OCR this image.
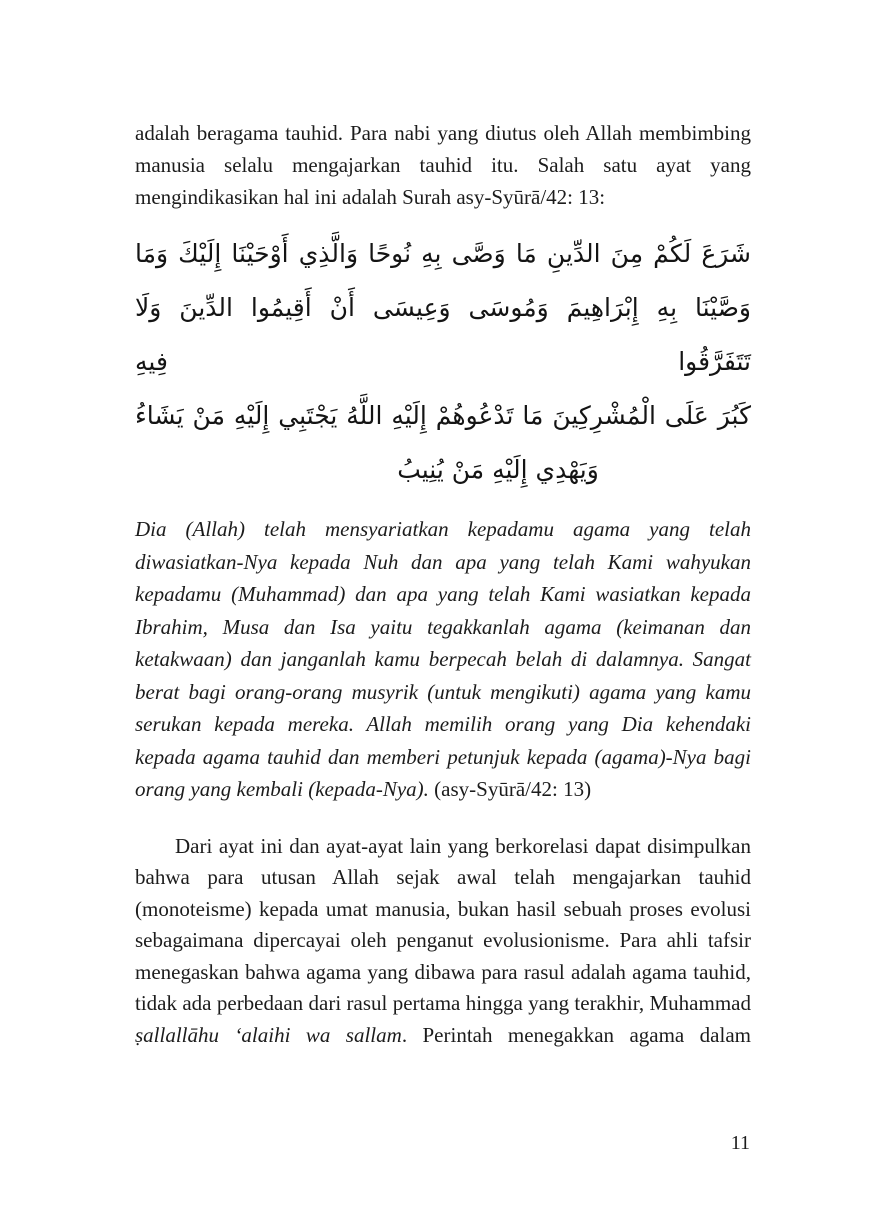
adalah beragama tauhid. Para nabi yang diutus oleh Allah membimbing manusia selalu mengajarkan tauhid itu. Salah satu ayat yang mengindikasikan hal ini adalah Surah asy-Syūrā/42: 13:

شَرَعَ لَكُمْ مِنَ الدِّينِ مَا وَصَّى بِهِ نُوحًا وَالَّذِي أَوْحَيْنَا إِلَيْكَ وَمَا
وَصَّيْنَا بِهِ إِبْرَاهِيمَ وَمُوسَى وَعِيسَى أَنْ أَقِيمُوا الدِّينَ وَلَا تَتَفَرَّقُوا فِيهِ
كَبُرَ عَلَى الْمُشْرِكِينَ مَا تَدْعُوهُمْ إِلَيْهِ اللَّهُ يَجْتَبِي إِلَيْهِ مَنْ يَشَاءُ
وَيَهْدِي إِلَيْهِ مَنْ يُنِيبُ

Dia (Allah) telah mensyariatkan kepadamu agama yang telah diwasiatkan-Nya kepada Nuh dan apa yang telah Kami wahyukan kepadamu (Muhammad) dan apa yang telah Kami wasiatkan kepada Ibrahim, Musa dan Isa yaitu tegakkanlah agama (keimanan dan ketakwaan) dan janganlah kamu berpecah belah di dalamnya. Sangat berat bagi orang-orang musyrik (untuk mengikuti) agama yang kamu serukan kepada mereka. Allah memilih orang yang Dia kehendaki kepada agama tauhid dan memberi petunjuk kepada (agama)-Nya bagi orang yang kembali (kepada-Nya). (asy-Syūrā/42: 13)

Dari ayat ini dan ayat-ayat lain yang berkorelasi dapat disimpulkan bahwa para utusan Allah sejak awal telah mengajarkan tauhid (monoteisme) kepada umat manusia, bukan hasil sebuah proses evolusi sebagaimana dipercayai oleh penganut evolusionisme. Para ahli tafsir menegaskan bahwa agama yang dibawa para rasul adalah agama tauhid, tidak ada perbedaan dari rasul pertama hingga yang terakhir, Muhammad ṣallallāhu ‘alaihi wa sallam. Perintah menegakkan agama dalam

11
